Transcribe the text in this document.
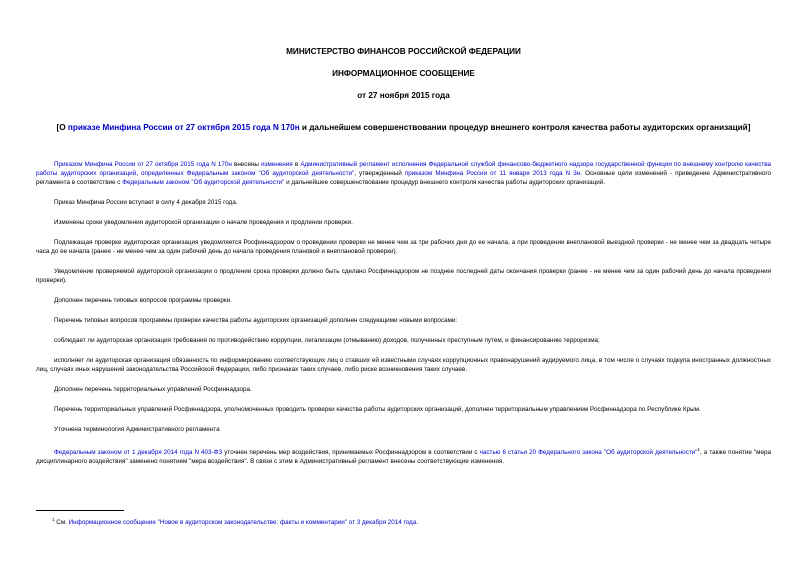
МИНИСТЕРСТВО ФИНАНСОВ РОССИЙСКОЙ ФЕДЕРАЦИИ
ИНФОРМАЦИОННОЕ СООБЩЕНИЕ
от 27 ноября 2015 года
[О приказе Минфина России от 27 октября 2015 года N 170н и дальнейшем совершенствовании процедур внешнего контроля качества работы аудиторских организаций]

Приказом Минфина России от 27 октября 2015 года N 170н внесены изменения в Административный регламент исполнения Федеральной службой финансово-бюджетного надзора государственной функции по внешнему контролю качества работы аудиторских организаций, определенных Федеральным законом "Об аудиторской деятельности", утвержденный приказом Минфина России от 11 января 2013 года N 3н. Основные цели изменений - приведение Административного регламента в соответствие с Федеральным законом "Об аудиторской деятельности" и дальнейшее совершенствование процедур внешнего контроля качества работы аудиторских организаций.

Приказ Минфина России вступает в силу 4 декабря 2015 года.

Изменены сроки уведомления аудиторской организации о начале проведения и продлении проверки.

Подлежащая проверке аудиторская организация уведомляется Росфиннадзором о проведении проверки не менее чем за три рабочих дня до ее начала, а при проведении внеплановой выездной проверки - не менее чем за двадцать четыре часа до ее начала (ранее - не менее чем за один рабочий день до начала проведения плановой и внеплановой проверки).

Уведомление проверяемой аудиторской организации о продлении срока проверки должно быть сделано Росфиннадзором не позднее последней даты окончания проверки (ранее - не менее чем за один рабочий день до начала проведения проверки).

Дополнен перечень типовых вопросов программы проверки.

Перечень типовых вопросов программы проверки качества работы аудиторских организаций дополнен следующими новыми вопросами:

соблюдает ли аудиторская организация требования по противодействию коррупции, легализации (отмыванию) доходов, полученных преступным путем, и финансированию терроризма;

исполняет ли аудиторская организация обязанность по информированию соответствующих лиц о ставших ей известными случаях коррупционных правонарушений аудируемого лица, в том числе о случаях подкупа иностранных должностных лиц, случаях иных нарушений законодательства Российской Федерации, либо признаках таких случаев, либо риске возникновения таких случаев.

Дополнен перечень территориальных управлений Росфиннадзора.

Перечень территориальных управлений Росфиннадзора, уполномоченных проводить проверки качества работы аудиторских организаций, дополнен территориальным управлением Росфиннадзора по Республике Крым.

Уточнена терминология Административного регламента

Федеральным законом от 1 декабря 2014 года N 403-ФЗ уточнен перечень мер воздействия, принимаемых Росфиннадзором в соответствии с частью 6 статьи 20 Федерального закона "Об аудиторской деятельности"$^1$, а также понятие "мера дисциплинарного воздействия" заменено понятием "мера воздействия". В связи с этим в Административный регламент внесены соответствующие изменения.

$^1$ См. Информационное сообщение "Новое в аудиторском законодательстве: факты и комментарии" от 3 декабря 2014 года.
